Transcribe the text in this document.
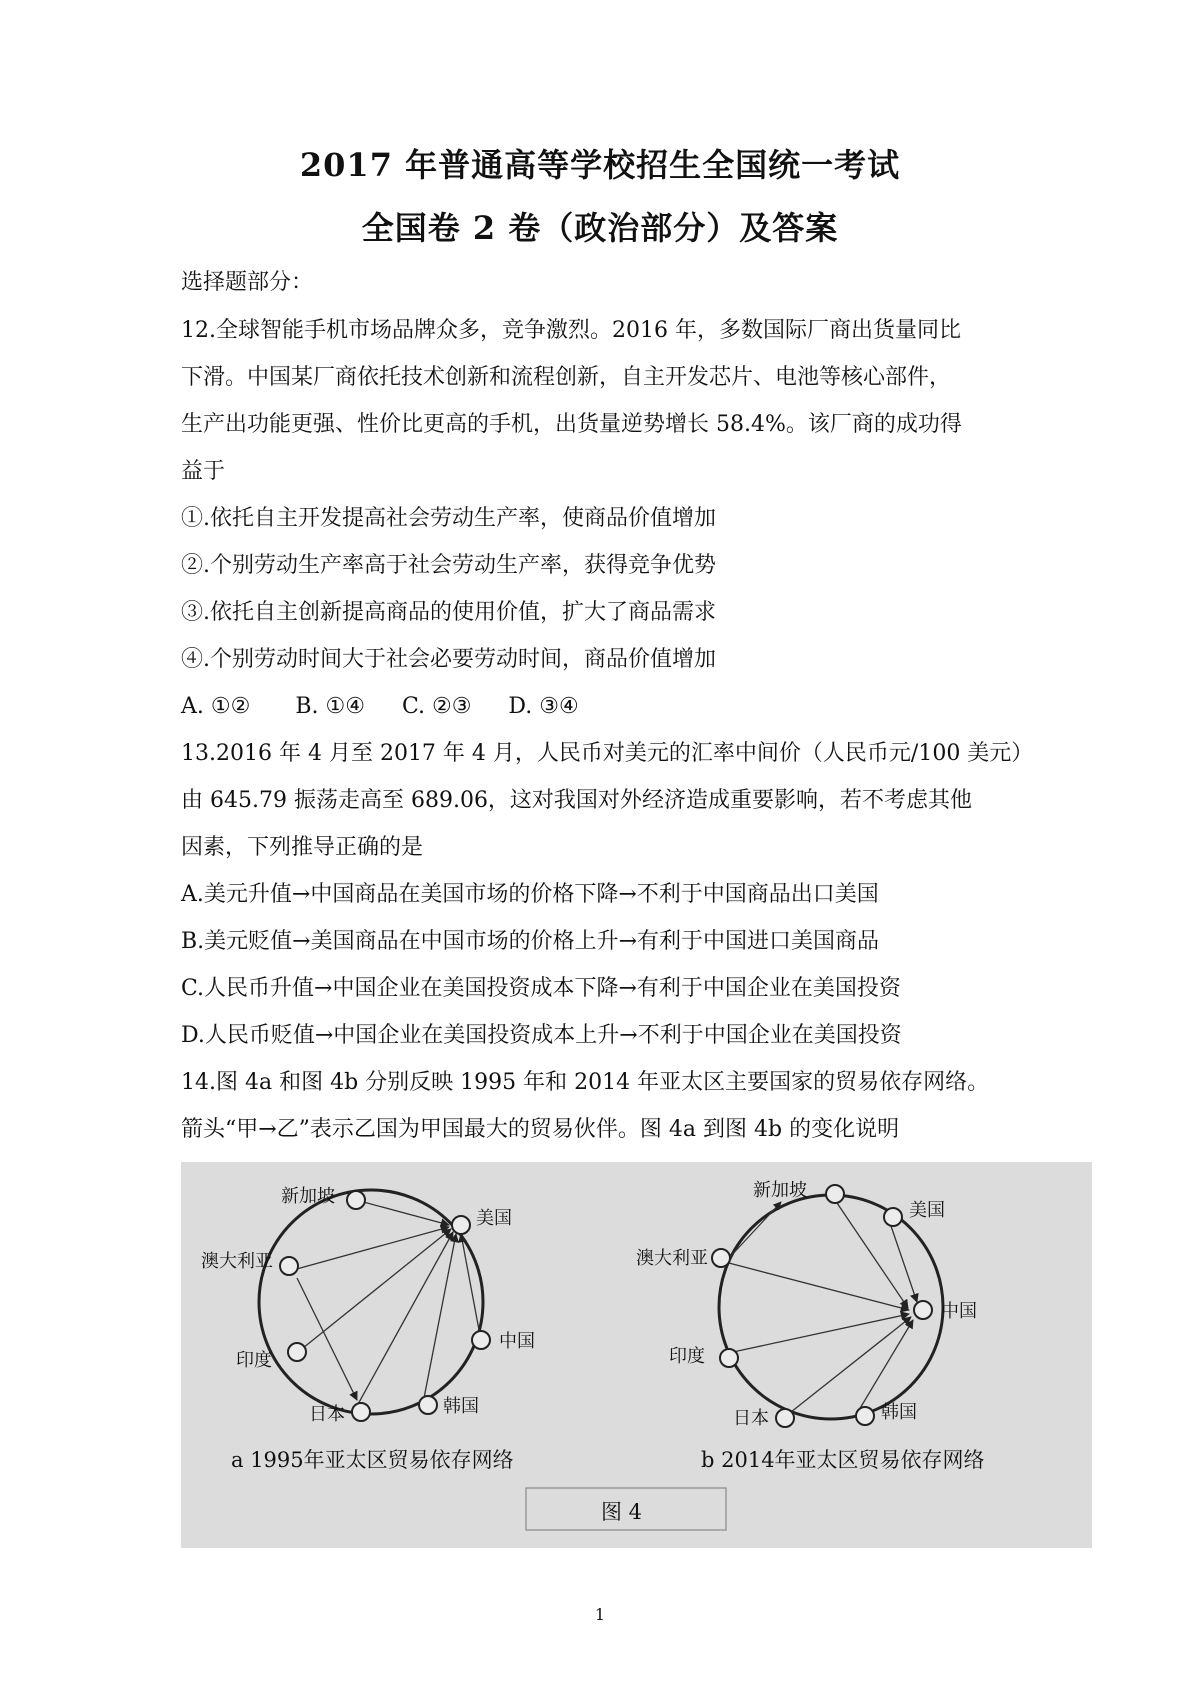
2017 年普通高等学校招生全国统一考试
全国卷 2 卷（政治部分）及答案
选择题部分：
12.全球智能手机市场品牌众多，竞争激烈。2016 年，多数国际厂商出货量同比
下滑。中国某厂商依托技术创新和流程创新，自主开发芯片、电池等核心部件，
生产出功能更强、性价比更高的手机，出货量逆势增长 58.4%。该厂商的成功得
益于
①.依托自主开发提高社会劳动生产率，使商品价值增加
②.个别劳动生产率高于社会劳动生产率，获得竞争优势
③.依托自主创新提高商品的使用价值，扩大了商品需求
④.个别劳动时间大于社会必要劳动时间，商品价值增加
A. ①② B. ①④ C. ②③ D. ③④
13.2016 年 4 月至 2017 年 4 月，人民币对美元的汇率中间价（人民币元/100 美元）
由 645.79 振荡走高至 689.06，这对我国对外经济造成重要影响，若不考虑其他
因素，下列推导正确的是
A.美元升值→中国商品在美国市场的价格下降→不利于中国商品出口美国
B.美元贬值→美国商品在中国市场的价格上升→有利于中国进口美国商品
C.人民币升值→中国企业在美国投资成本下降→有利于中国企业在美国投资
D.人民币贬值→中国企业在美国投资成本上升→不利于中国企业在美国投资
14.图 4a 和图 4b 分别反映 1995 年和 2014 年亚太区主要国家的贸易依存网络。
箭头“甲→乙”表示乙国为甲国最大的贸易伙伴。图 4a 到图 4b 的变化说明
新加坡
美国
澳大利亚
中国
印度
日本	韩国
a 1995年亚太区贸易依存网络
新加坡
美国
澳大利亚
中国
印度
日本	韩国
b 2014年亚太区贸易依存网络
图 4
1
